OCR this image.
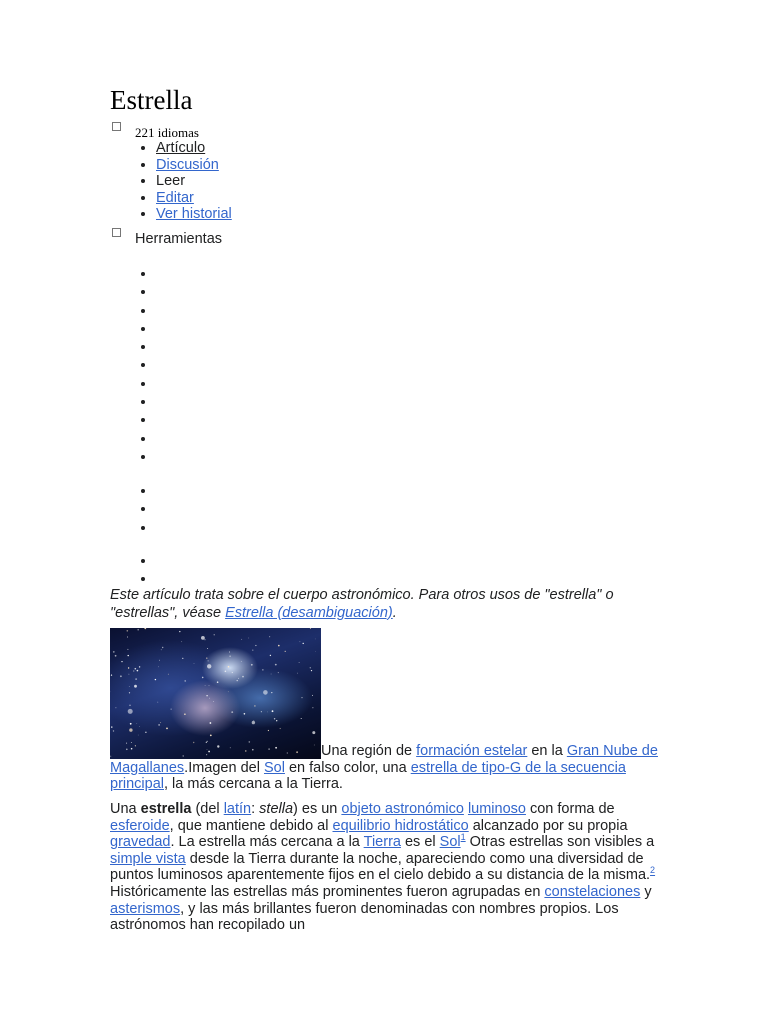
Estrella
221 idiomas
• Artículo
• Discusión
• Leer
• Editar
• Ver historial
Herramientas
Este artículo trata sobre el cuerpo astronómico. Para otros usos de "estrella" o "estrellas", véase Estrella (desambiguación).
Una región de formación estelar en la Gran Nube de Magallanes.Imagen del Sol en falso color, una estrella de tipo-G de la secuencia principal, la más cercana a la Tierra.
Una estrella (del latín: stella) es un objeto astronómico luminoso con forma de esferoide, que mantiene debido al equilibrio hidrostático alcanzado por su propia gravedad. La estrella más cercana a la Tierra es el Sol$^1$ Otras estrellas son visibles a simple vista desde la Tierra durante la noche, apareciendo como una diversidad de puntos luminosos aparentemente fijos en el cielo debido a su distancia de la misma.$^2$ Históricamente las estrellas más prominentes fueron agrupadas en constelaciones y asterismos, y las más brillantes fueron denominadas con nombres propios. Los astrónomos han recopilado un
